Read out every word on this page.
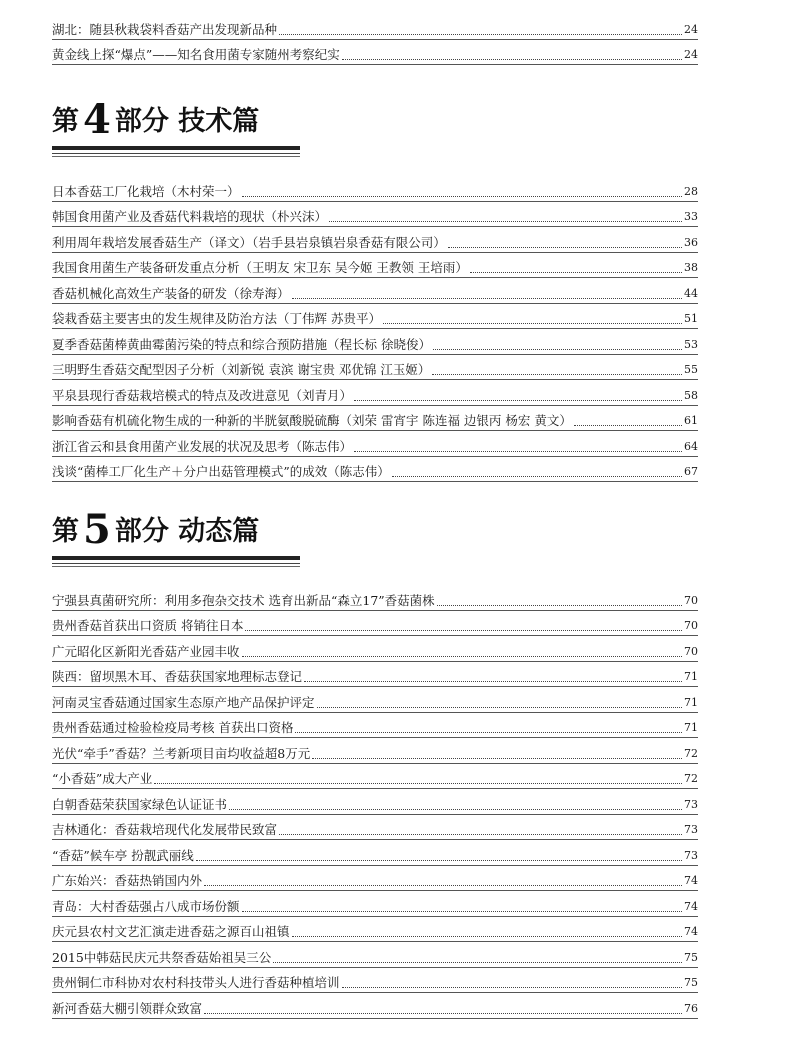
湖北：随县秋栽袋料香菇产出发现新品种	24
黄金线上探“爆点”——知名食用菌专家随州考察纪实	24
第 4 部分 技术篇
日本香菇工厂化栽培（木村荣一）	28
韩国食用菌产业及香菇代料栽培的现状（朴兴沫）	33
利用周年栽培发展香菇生产（译文）（岩手县岩泉镇岩泉香菇有限公司）	36
我国食用菌生产装备研发重点分析（王明友 宋卫东 吴今姬 王教领 王培雨）	38
香菇机械化高效生产装备的研发（徐寿海）	44
袋栽香菇主要害虫的发生规律及防治方法（丁伟辉 苏贵平）	51
夏季香菇菌棒黄曲霉菌污染的特点和综合预防措施（程长标 徐晓俊）	53
三明野生香菇交配型因子分析（刘新锐 袁滨 谢宝贵 邓优锦 江玉姬）	55
平泉县现行香菇栽培模式的特点及改进意见（刘青月）	58
影响香菇有机硫化物生成的一种新的半胱氨酸脱硫酶（刘荣 雷宵宇 陈连福 边银丙 杨宏 黄文）	61
浙江省云和县食用菌产业发展的状况及思考（陈志伟）	64
浅谈“菌棒工厂化生产＋分户出菇管理模式”的成效（陈志伟）	67
第 5 部分 动态篇
宁强县真菌研究所：利用多孢杂交技术 选育出新品“森立17”香菇菌株	70
贵州香菇首获出口资质 将销往日本	70
广元昭化区新阳光香菇产业园丰收	70
陕西：留坝黑木耳、香菇获国家地理标志登记	71
河南灵宝香菇通过国家生态原产地产品保护评定	71
贵州香菇通过检验检疫局考核 首获出口资格	71
光伏“牵手”香菇？兰考新项目亩均收益超8万元	72
“小香菇”成大产业	72
白朝香菇荣获国家绿色认证证书	73
吉林通化：香菇栽培现代化发展带民致富	73
“香菇”候车亭 扮靓武丽线	73
广东始兴：香菇热销国内外	74
青岛：大村香菇强占八成市场份额	74
庆元县农村文艺汇演走进香菇之源百山祖镇	74
2015中韩菇民庆元共祭香菇始祖吴三公	75
贵州铜仁市科协对农村科技带头人进行香菇种植培训	75
新河香菇大棚引领群众致富	76
